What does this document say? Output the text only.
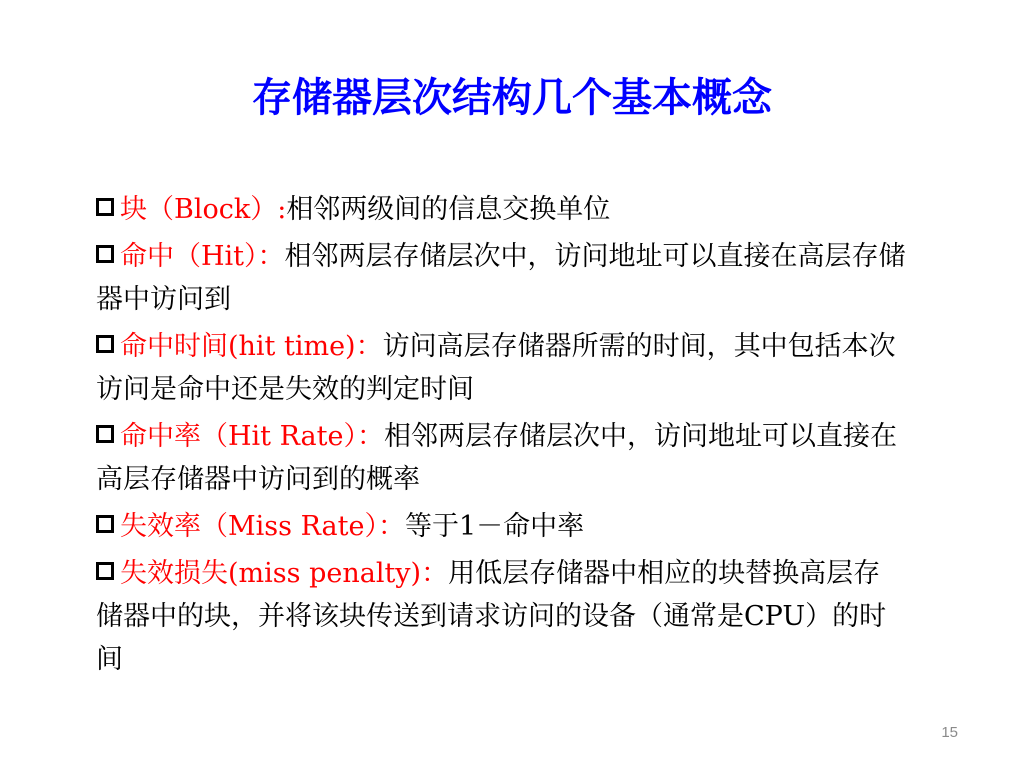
存储器层次结构几个基本概念
块（Block）:相邻两级间的信息交换单位
命中（Hit）：相邻两层存储层次中，访问地址可以直接在高层存储器中访问到
命中时间(hit time)：访问高层存储器所需的时间，其中包括本次访问是命中还是失效的判定时间
命中率（Hit Rate）：相邻两层存储层次中，访问地址可以直接在高层存储器中访问到的概率
失效率（Miss Rate）：等于1－命中率
失效损失(miss penalty)：用低层存储器中相应的块替换高层存储器中的块，并将该块传送到请求访问的设备（通常是CPU）的时间
15
